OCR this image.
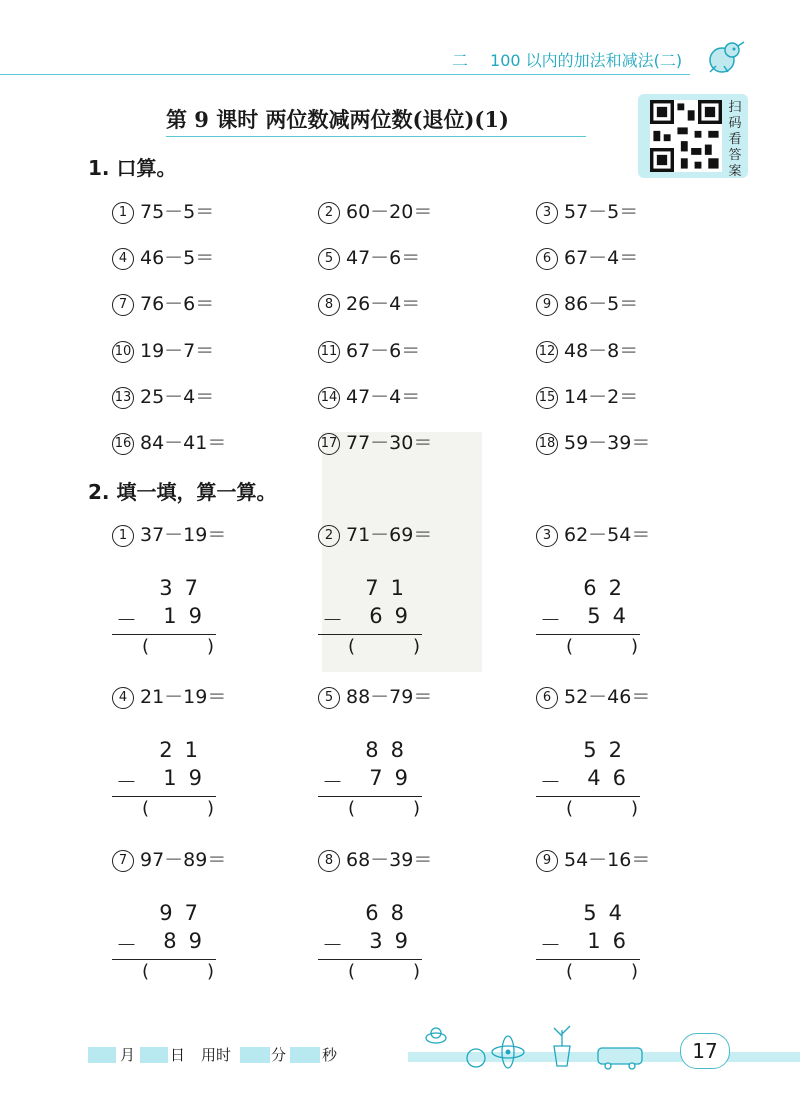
二 100 以内的加法和减法(二)
第 9 课时 两位数减两位数(退位)(1)	扫
码
看
答
案
1. 口算。
1 75－5＝	2 60－20＝	3 57－5＝
4 46－5＝	5 47－6＝	6 67－4＝
7 76－6＝	8 26－4＝	9 86－5＝
10 19－7＝	11 67－6＝	12 48－8＝
13 25－4＝	14 47－4＝	15 14－2＝
16 84－41＝	17 77－30＝	18 59－39＝
2. 填一填，算一算。
1 37－19＝
37
－ 19
(	)
2 71－69＝
71
－ 69
(	)
3 62－54＝
62
－ 54
(	)
4 21－19＝
21
－ 19
(	)
5 88－79＝
88
－ 79
(	)
6 52－46＝
52
－ 46
(	)
7 97－89＝
97
－ 89
(	)
8 68－39＝
68
－ 39
(	)
9 54－16＝
54
－ 16
(	)
月 日 用时	分 秒	17
